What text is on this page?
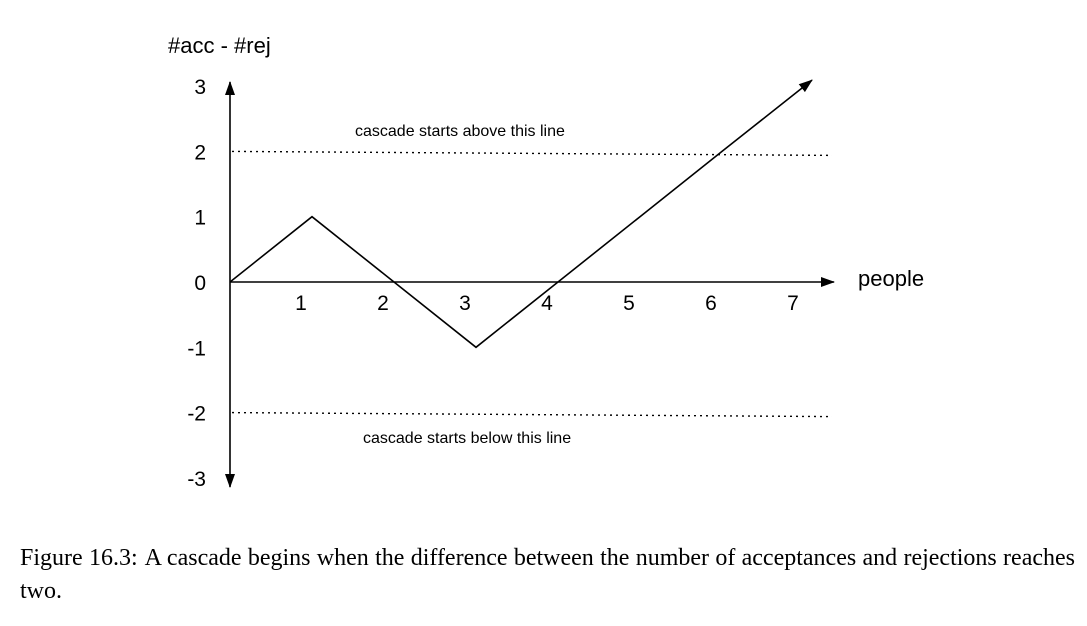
cascade starts above this line
cascade starts below this line
#acc - #rej
people
3
2
1
0
-1
-2
-3
1	2	3	4	5	6	7

Figure 16.3: A cascade begins when the difference between the number of acceptances and rejections reaches two.
